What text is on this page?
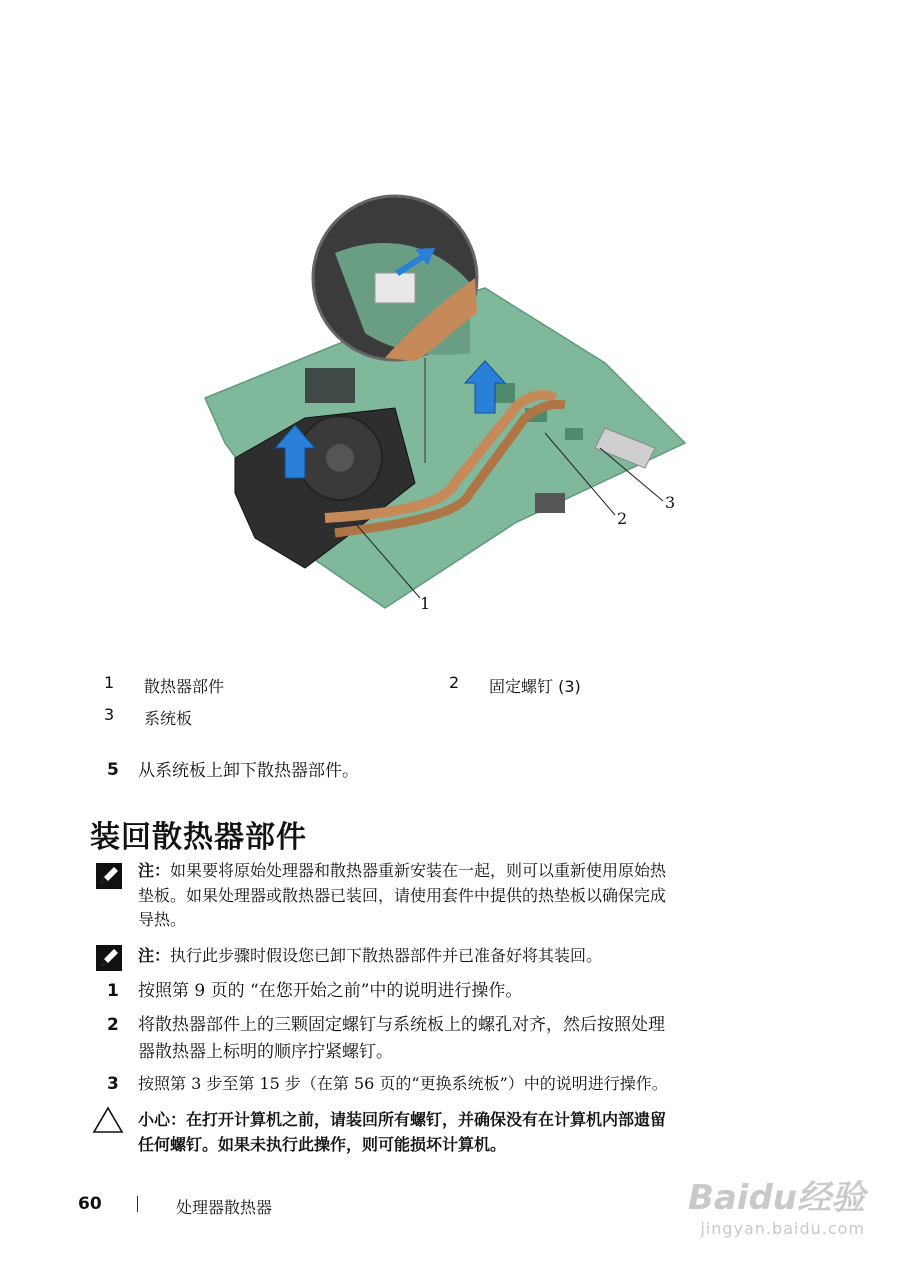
1
2
3
1 散热器部件	2 固定螺钉 (3)
3 系统板
5 从系统板上卸下散热器部件。
装回散热器部件
注：如果要将原始处理器和散热器重新安装在一起，则可以重新使用原始热
垫板。如果处理器或散热器已装回，请使用套件中提供的热垫板以确保完成
导热。
注：执行此步骤时假设您已卸下散热器部件并已准备好将其装回。
1 按照第 9 页的 “在您开始之前”中的说明进行操作。
2 将散热器部件上的三颗固定螺钉与系统板上的螺孔对齐，然后按照处理
器散热器上标明的顺序拧紧螺钉。
3 按照第 3 步至第 15 步（在第 56 页的“更换系统板”）中的说明进行操作。
小心：在打开计算机之前，请装回所有螺钉，并确保没有在计算机内部遗留
任何螺钉。如果未执行此操作，则可能损坏计算机。
60	处理器散热器	Baidu经验
jingyan.baidu.com
